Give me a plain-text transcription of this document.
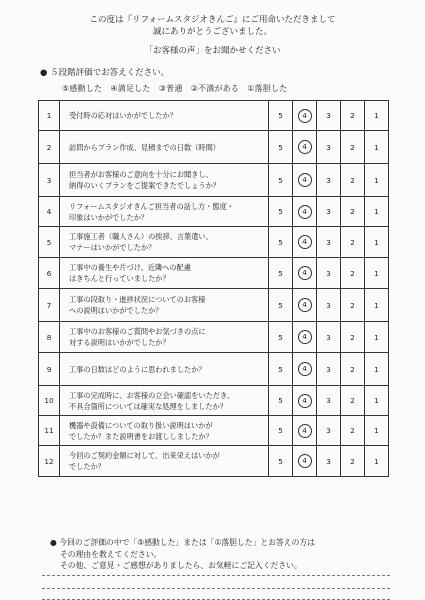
この度は『リフォームスタジオきんご』にご用命いただきまして
誠にありがとうございました。
「お客様の声」をお聞かせください
● ５段階評価でお答えください。
⑤感動した　④満足した　③普通　②不満がある　①落胆した
1	受付時の応対はいかがでしたか？	5	4	3	2	1
2	訪問からプラン作成、見積までの日数（時間）	5	4	3	2	1
3	担当者がお客様のご意向を十分にお聞きし、
納得のいくプランをご提案できたでしょうか？	5	4	3	2	1
4	リフォームスタジオきんご担当者の話し方・態度・
印象はいかがでしたか？	5	4	3	2	1
5	工事施工者（職人さん）の挨拶、言葉遣い、
マナーはいかがでしたか？	5	4	3	2	1
6	工事中の養生や片づけ、近隣への配慮
はきちんと行っていましたか？	5	4	3	2	1
7	工事の段取り・進捗状況についてのお客様
への説明はいかがでしたか？	5	4	3	2	1
8	工事中のお客様のご質問やお気づきの点に
対する説明はいかがでしたか？	5	4	3	2	1
9	工事の日数はどのように思われましたか？	5	4	3	2	1
10	工事の完成時に、お客様の立会い確認をいただき、
不具合箇所については確実な処理をしましたか？	5	4	3	2	1
11	機器や設備についての取り扱い説明はいかが
でしたか？また説明書をお渡ししましたか？	5	4	3	2	1
12	今回のご契約金額に対して、出来栄えはいかが
でしたか？	5	4	3	2	1
● 今回のご評価の中で「⑤感動した」または「①落胆した」とお答えの方は
その理由を教えてください。
その他、ご意見・ご感想がありましたら、お気軽にご記入ください。
